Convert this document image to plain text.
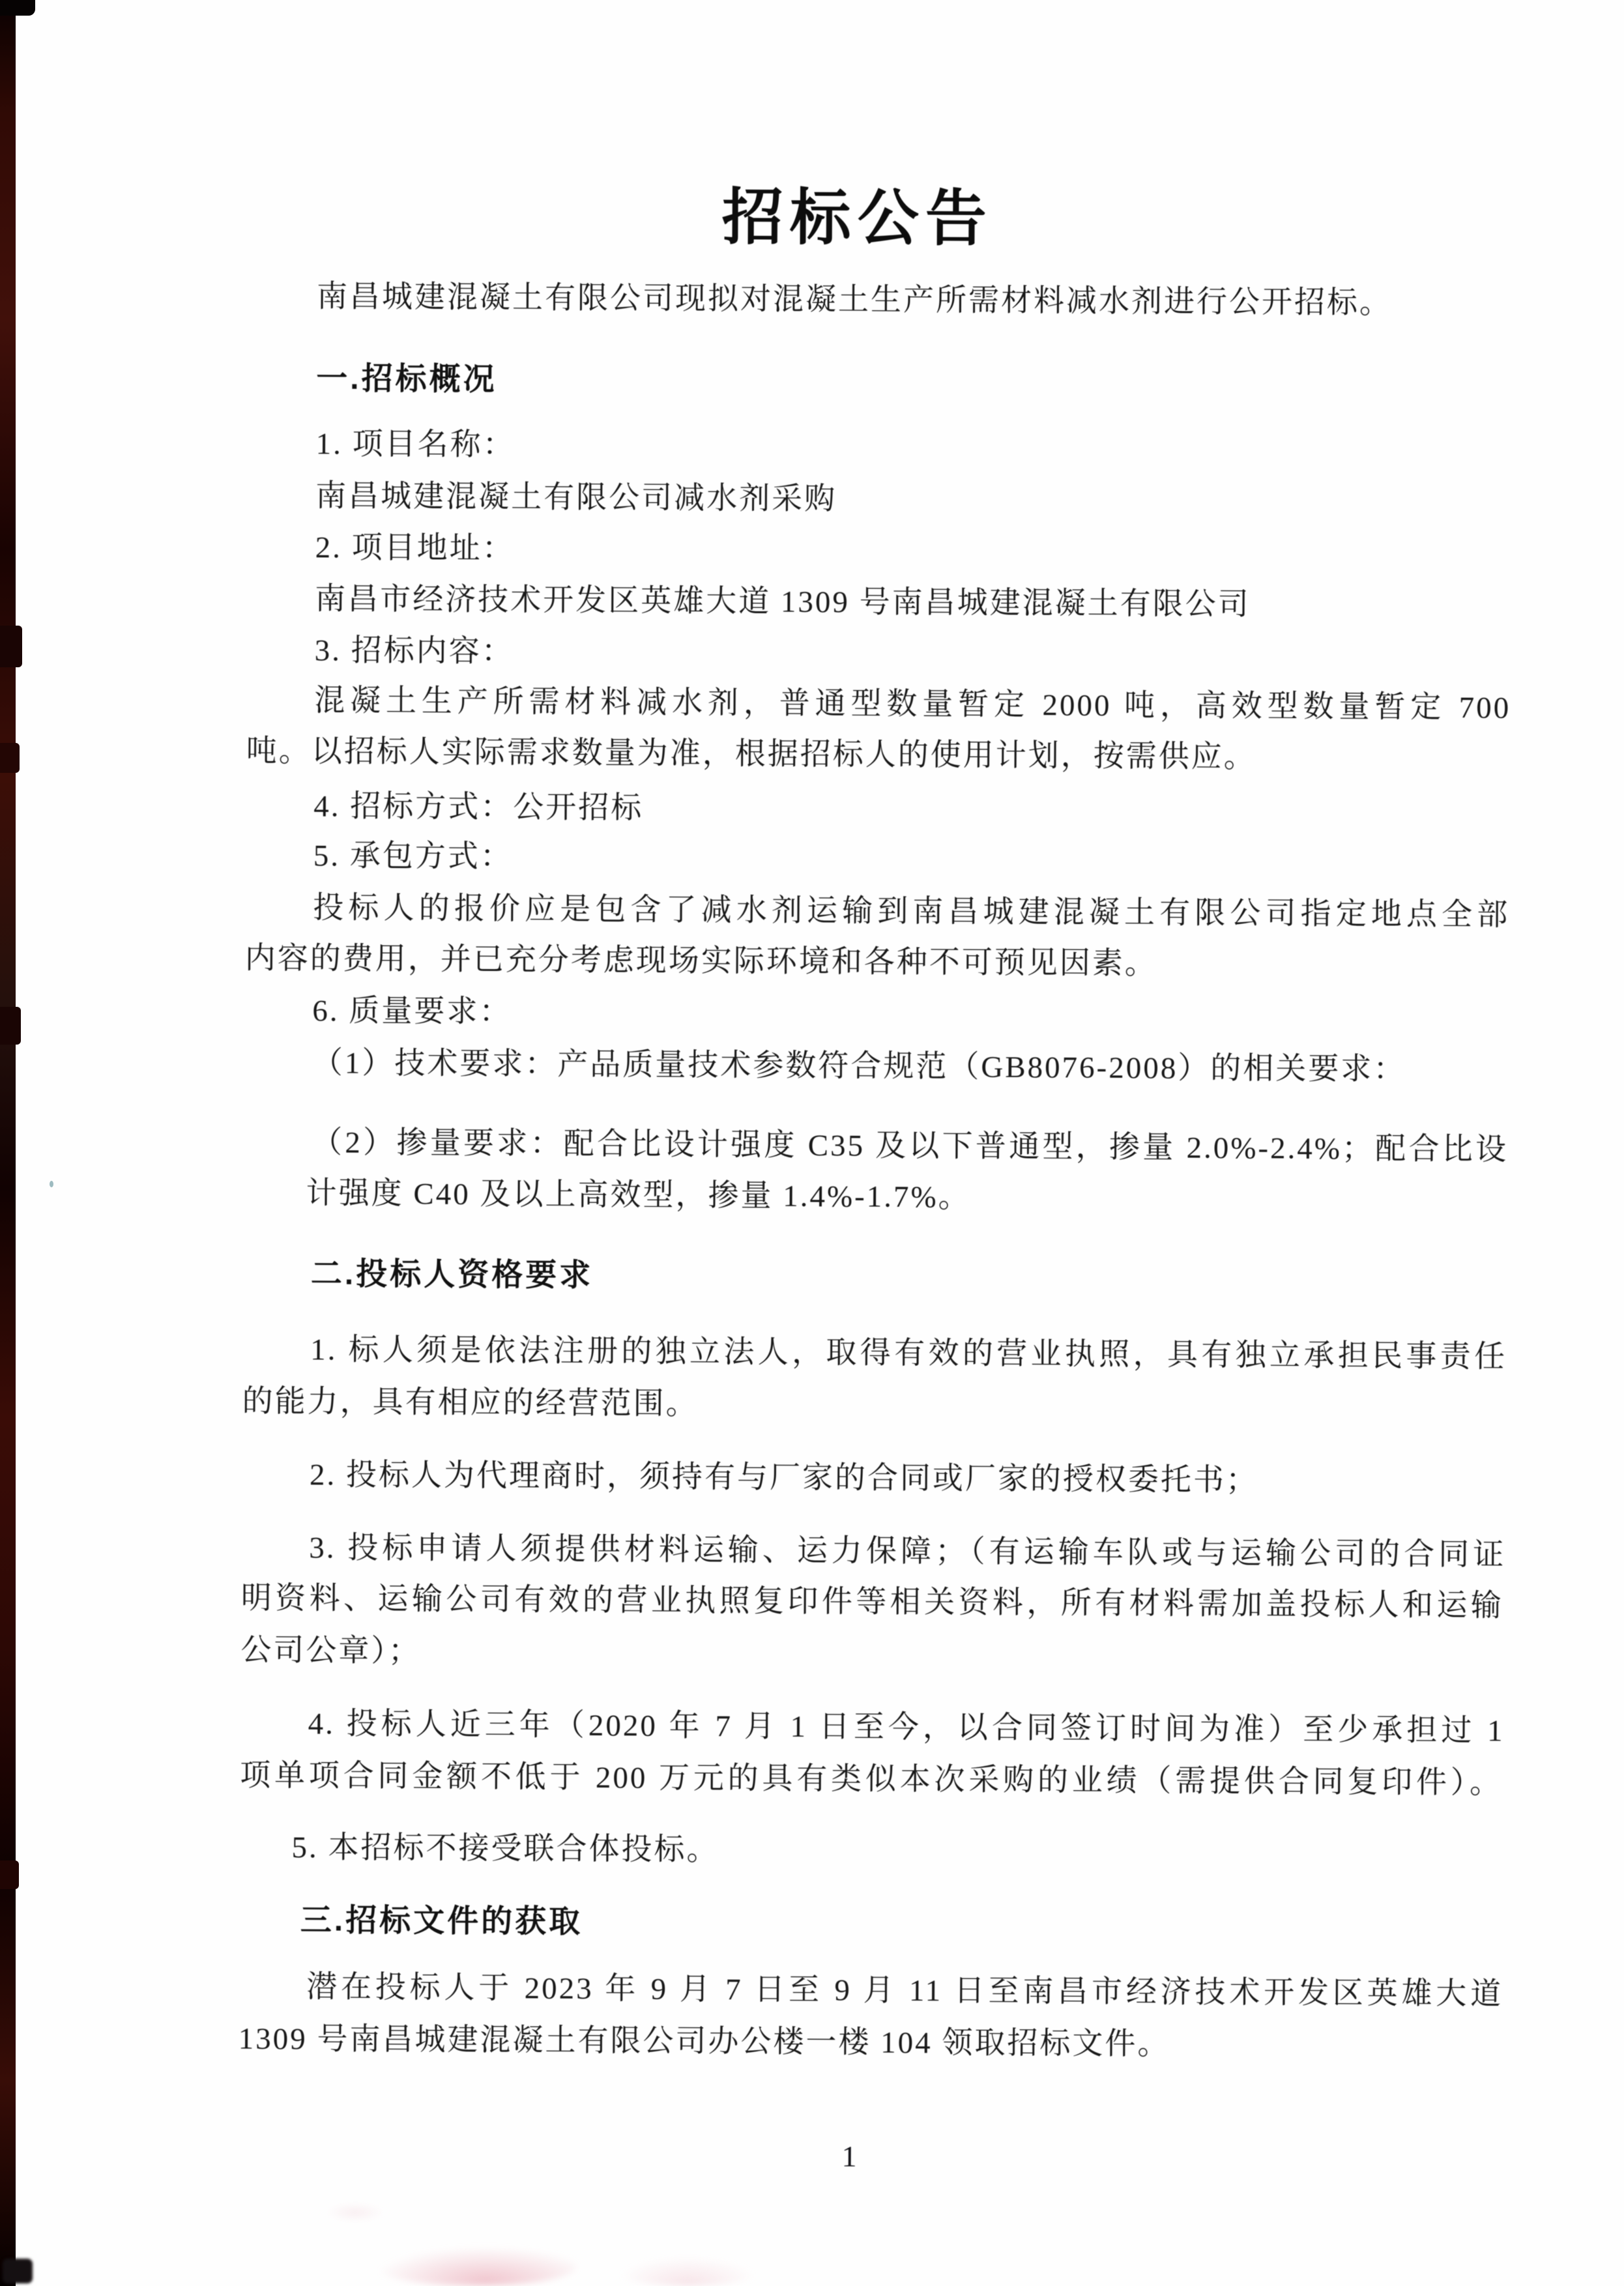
招标公告
南昌城建混凝土有限公司现拟对混凝土生产所需材料减水剂进行公开招标。
一.招标概况
1. 项目名称：
南昌城建混凝土有限公司减水剂采购
2. 项目地址：
南昌市经济技术开发区英雄大道 1309 号南昌城建混凝土有限公司
3. 招标内容：
混凝土生产所需材料减水剂，普通型数量暂定 2000 吨，高效型数量暂定 700
吨。以招标人实际需求数量为准，根据招标人的使用计划，按需供应。
4. 招标方式：公开招标
5. 承包方式：
投标人的报价应是包含了减水剂运输到南昌城建混凝土有限公司指定地点全部
内容的费用，并已充分考虑现场实际环境和各种不可预见因素。
6. 质量要求：
（1）技术要求：产品质量技术参数符合规范（GB8076-2008）的相关要求：
（2）掺量要求：配合比设计强度 C35 及以下普通型，掺量 2.0%-2.4%；配合比设
计强度 C40 及以上高效型，掺量 1.4%-1.7%。
二.投标人资格要求
1. 标人须是依法注册的独立法人，取得有效的营业执照，具有独立承担民事责任
的能力，具有相应的经营范围。
2. 投标人为代理商时，须持有与厂家的合同或厂家的授权委托书；
3. 投标申请人须提供材料运输、运力保障；（有运输车队或与运输公司的合同证
明资料、运输公司有效的营业执照复印件等相关资料，所有材料需加盖投标人和运输
公司公章）；
4. 投标人近三年（2020 年 7 月 1 日至今，以合同签订时间为准）至少承担过 1
项单项合同金额不低于 200 万元的具有类似本次采购的业绩（需提供合同复印件）。
5. 本招标不接受联合体投标。
三.招标文件的获取
潜在投标人于 2023 年 9 月 7 日至 9 月 11 日至南昌市经济技术开发区英雄大道
1309 号南昌城建混凝土有限公司办公楼一楼 104 领取招标文件。
1
